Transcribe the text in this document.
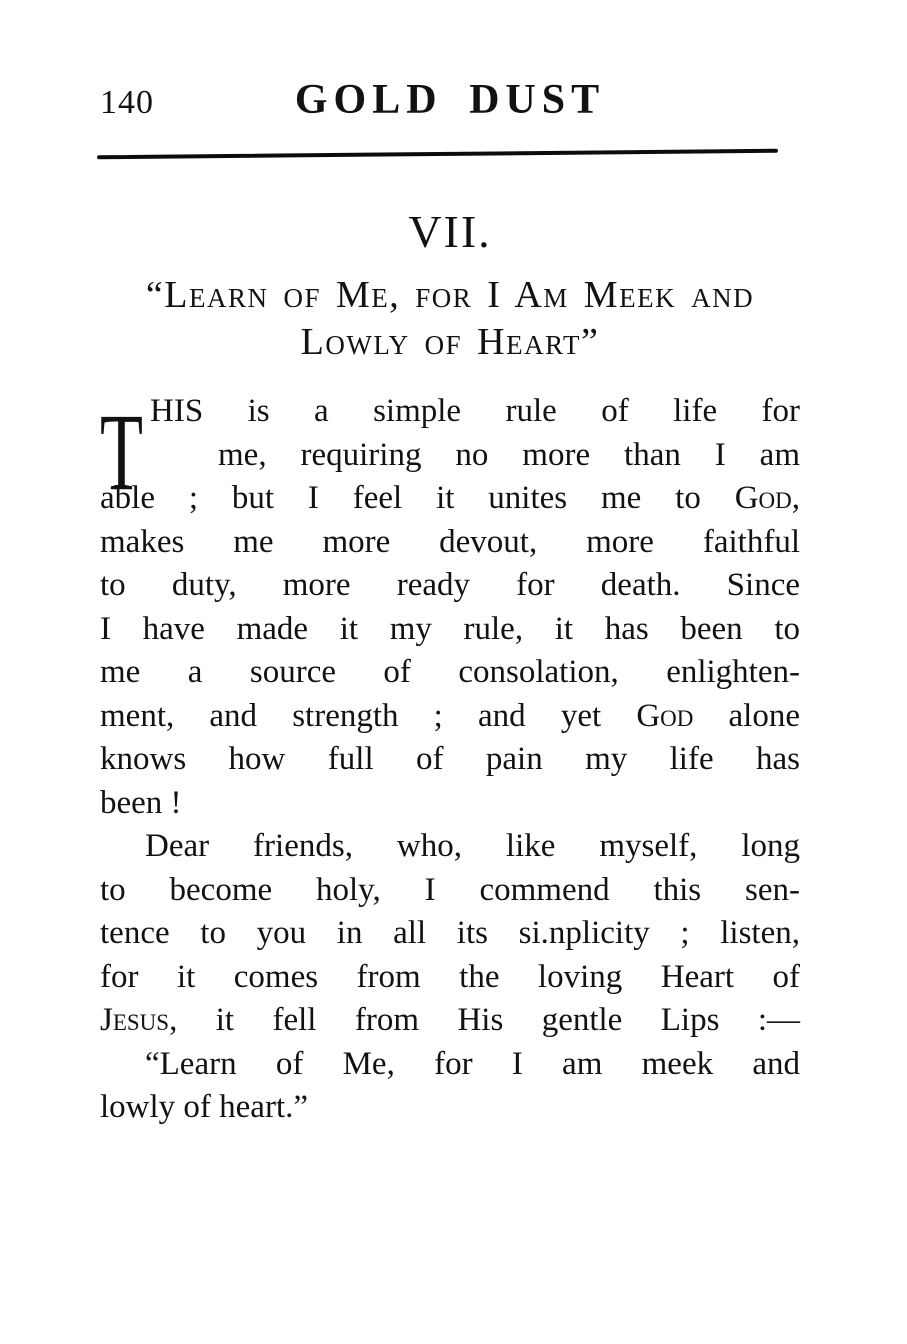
140	GOLD DUST
VII.
“Learn of Me, for I Am Meek and
Lowly of Heart”
T HIS is a simple rule of life for
me, requiring no more than I am
able ; but I feel it unites me to God,
makes me more devout, more faithful
to duty, more ready for death. Since
I have made it my rule, it has been to
me a source of consolation, enlighten-
ment, and strength ; and yet God alone
knows how full of pain my life has
been !
Dear friends, who, like myself, long
to become holy, I commend this sen-
tence to you in all its si.nplicity ; listen,
for it comes from the loving Heart of
Jesus, it fell from His gentle Lips :—
“Learn of Me, for I am meek and
lowly of heart.”
